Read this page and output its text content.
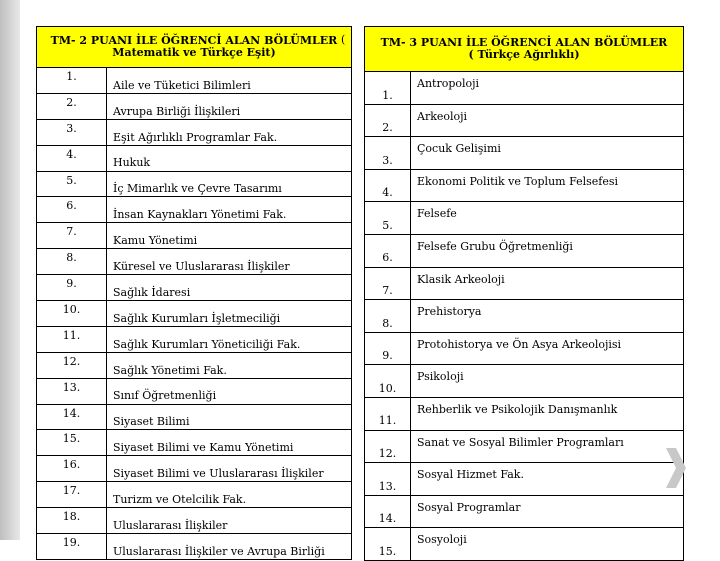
TM- 2 PUANI İLE ÖĞRENCİ ALAN BÖLÜMLER
Matematik ve Türkçe Eşit)	

1.	Aile ve Tüketici Bilimleri
2.	Avrupa Birliği İlişkileri
3.	Eşit Ağırlıklı Programlar Fak.
4.	Hukuk
5.	İç Mimarlık ve Çevre Tasarımı
6.	İnsan Kaynakları Yönetimi Fak.
7.	Kamu Yönetimi
8.	Küresel ve Uluslararası İlişkiler
9.	Sağlık İdaresi
10.	Sağlık Kurumları İşletmeciliği
11.	Sağlık Kurumları Yöneticiliği Fak.
12.	Sağlık Yönetimi Fak.
13.	Sınıf Öğretmenliği
14.	Siyaset Bilimi
15.	Siyaset Bilimi ve Kamu Yönetimi
16.	Siyaset Bilimi ve Uluslararası İlişkiler
17.	Turizm ve Otelcilik Fak.
18.	Uluslararası İlişkiler
19.	Uluslararası İlişkiler ve Avrupa Birliği
(	TM- 3 PUANI İLE ÖĞRENCİ ALAN BÖLÜMLER
( Türkçe Ağırlıklı)	

1.	Antropoloji
2.	Arkeoloji
3.	Çocuk Gelişimi
4.	Ekonomi Politik ve Toplum Felsefesi
5.	Felsefe
6.	Felsefe Grubu Öğretmenliği
7.	Klasik Arkeoloji
8.	Prehistorya
9.	Protohistorya ve Ön Asya Arkeolojisi
10.	Psikoloji
11.	Rehberlik ve Psikolojik Danışmanlık
12.	Sanat ve Sosyal Bilimler Programları
13.	Sosyal Hizmet Fak.
14.	Sosyal Programlar
15.	Sosyoloji
